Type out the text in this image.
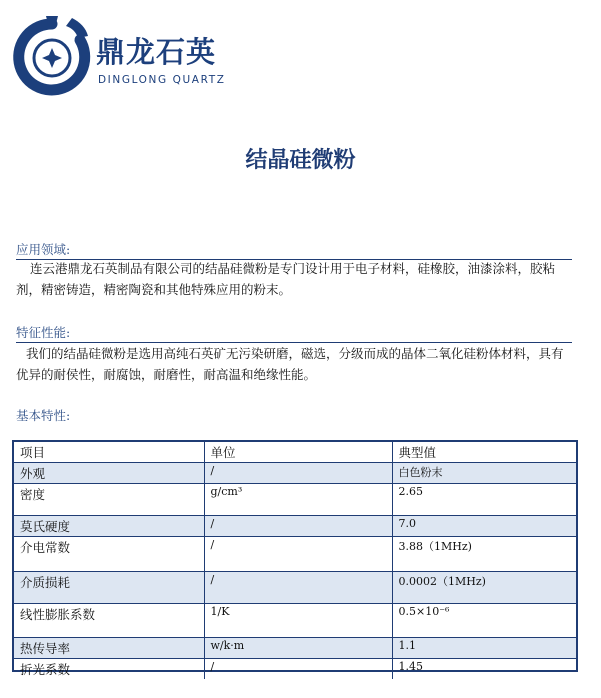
鼎龙石英
DINGLONG QUARTZ
结晶硅微粉
应用领域:
连云港鼎龙石英制品有限公司的结晶硅微粉是专门设计用于电子材料，硅橡胶，油漆涂料，胶粘剂，精密铸造，精密陶瓷和其他特殊应用的粉末。
特征性能:
我们的结晶硅微粉是选用高纯石英矿无污染研磨，磁选，分级而成的晶体二氧化硅粉体材料，具有优异的耐侯性，耐腐蚀，耐磨性，耐高温和绝缘性能。
基本特性:
项目	单位	典型值
外观	/	白色粉末
密度	g/cm³	2.65
莫氏硬度	/	7.0
介电常数	/	3.88（1MHz)
介质损耗	/	0.0002（1MHz)
线性膨胀系数	1/K	0.5×10⁻⁶
热传导率	w/k·m	1.1
折光系数	/	1.45
